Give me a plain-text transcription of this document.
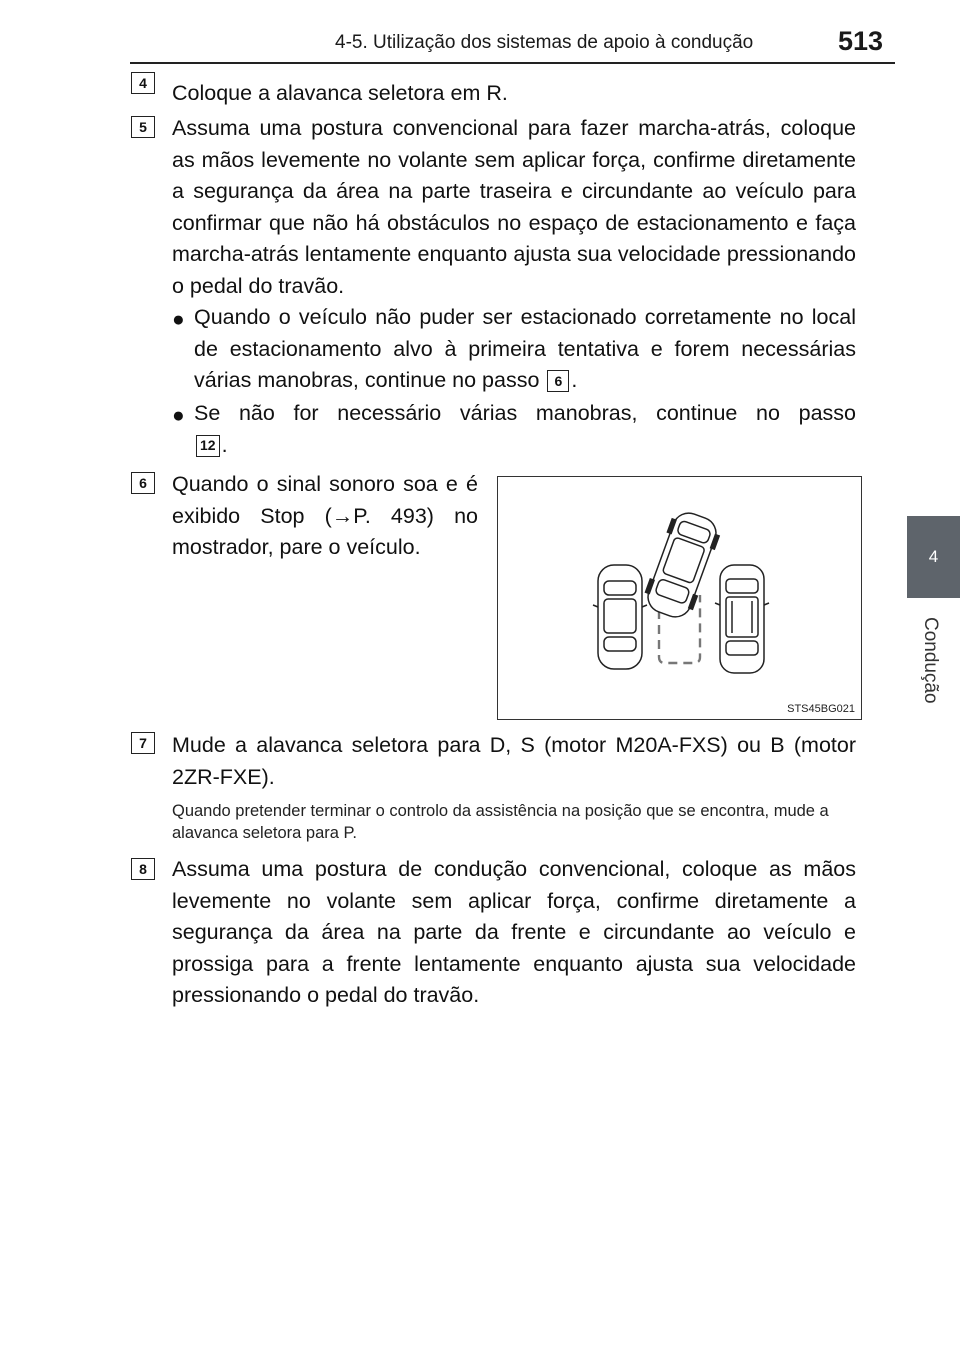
4-5. Utilização dos sistemas de apoio à condução	513
4
Condução
4	Coloque a alavanca seletora em R.
5	Assuma uma postura convencional para fazer marcha-atrás, coloque as mãos levemente no volante sem aplicar força, confirme diretamente a segurança da área na parte traseira e circundante ao veículo para confirmar que não há obstáculos no espaço de estacionamento e faça marcha-atrás lentamente enquanto ajusta sua velocidade pressionando o pedal do travão.
● Quando o veículo não puder ser estacionado corretamente no local de estacionamento alvo à primeira tentativa e forem necessárias várias manobras, continue no passo 6 .
● Se não for necessário várias manobras, continue no passo
12 .
6	Quando o sinal sonoro soa e é exibido Stop (→P. 493) no mostrador, pare o veículo.
STS45BG021
7	Mude a alavanca seletora para D, S (motor M20A-FXS) ou B (motor 2ZR-FXE).
Quando pretender terminar o controlo da assistência na posição que se encontra, mude a alavanca seletora para P.
8	Assuma uma postura de condução convencional, coloque as mãos levemente no volante sem aplicar força, confirme diretamente a segurança da área na parte da frente e circundante ao veículo e prossiga para a frente lentamente enquanto ajusta sua velocidade pressionando o pedal do travão.
